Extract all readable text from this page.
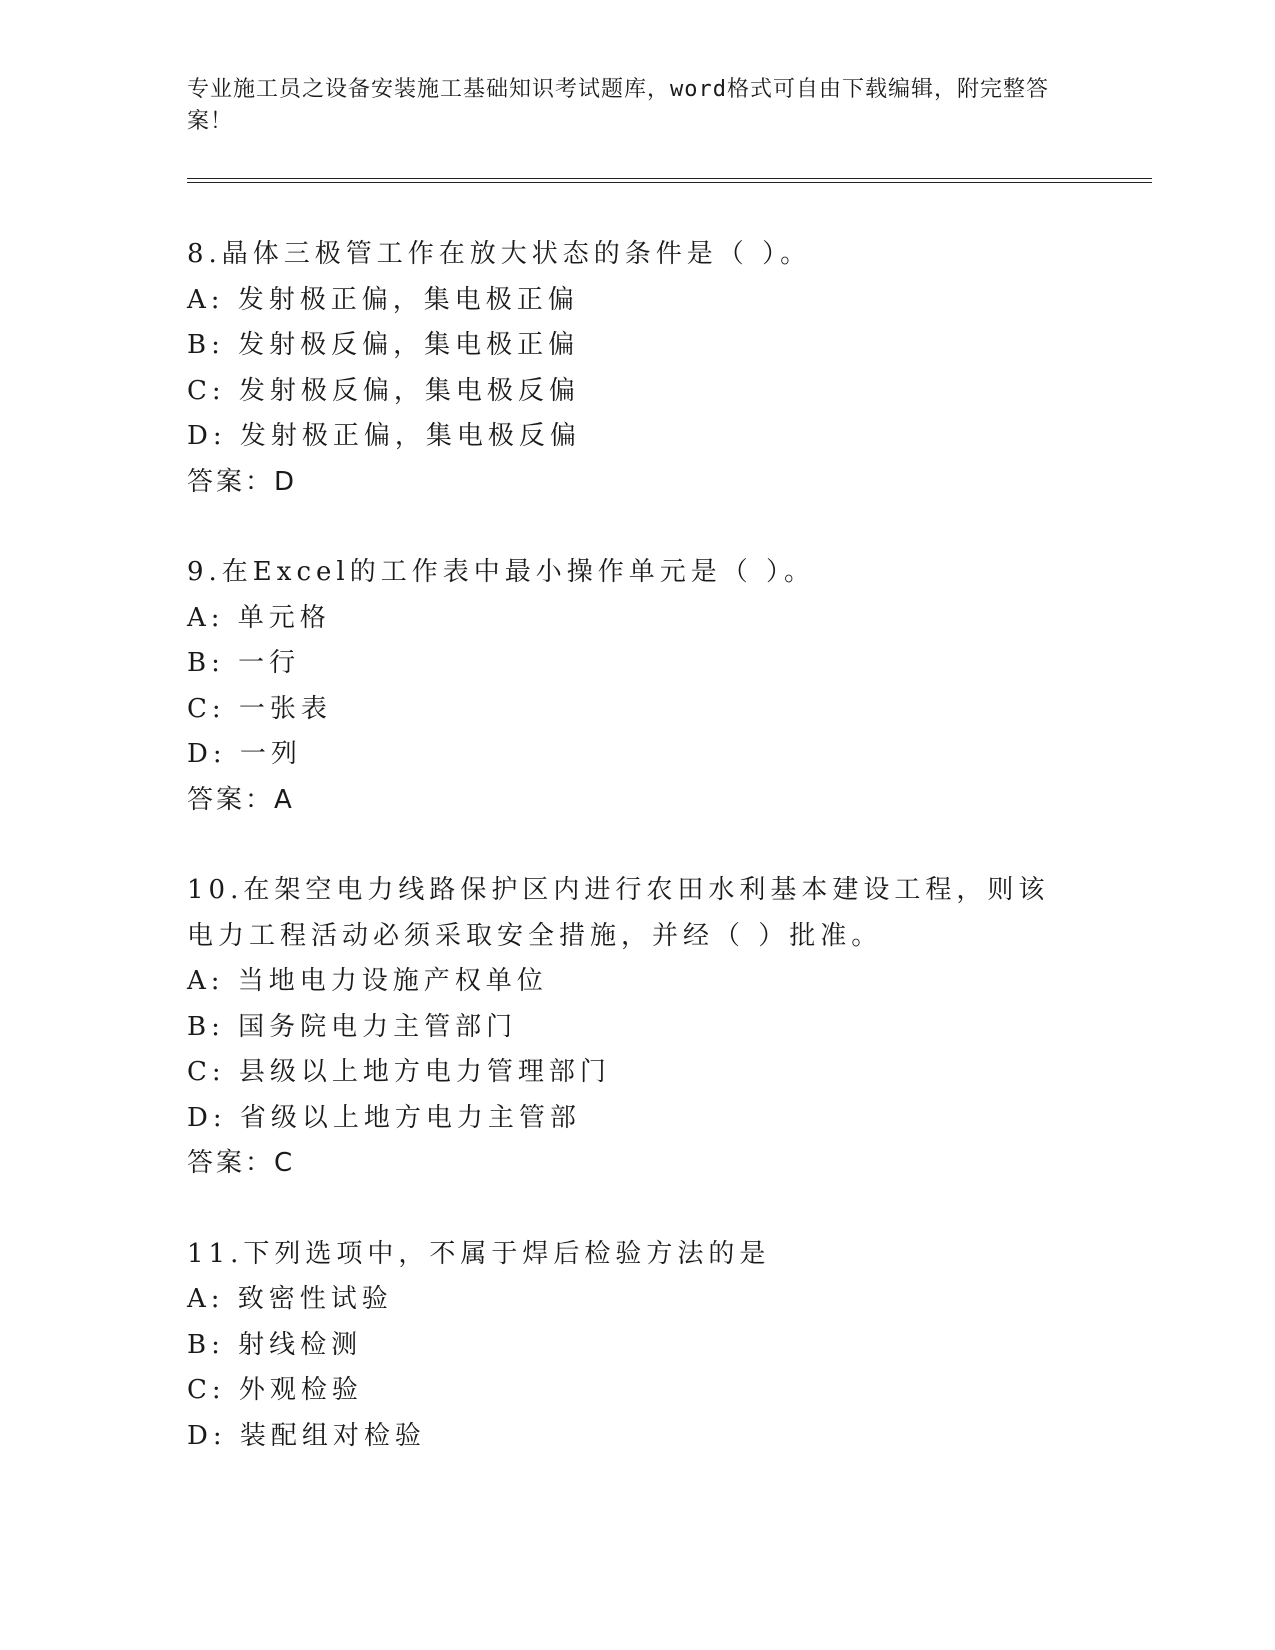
专业施工员之设备安装施工基础知识考试题库，word格式可自由下载编辑，附完整答案！
8.晶体三极管工作在放大状态的条件是（ ）。
A: 发射极正偏，集电极正偏
B: 发射极反偏，集电极正偏
C: 发射极反偏，集电极反偏
D: 发射极正偏，集电极反偏
答案：D
9.在Excel的工作表中最小操作单元是（ ）。
A: 单元格
B: 一行
C: 一张表
D: 一列
答案：A
10.在架空电力线路保护区内进行农田水利基本建设工程，则该电力工程活动必须采取安全措施，并经（ ）批准。
A: 当地电力设施产权单位
B: 国务院电力主管部门
C: 县级以上地方电力管理部门
D: 省级以上地方电力主管部
答案：C
11.下列选项中，不属于焊后检验方法的是
A: 致密性试验
B: 射线检测
C: 外观检验
D: 装配组对检验
